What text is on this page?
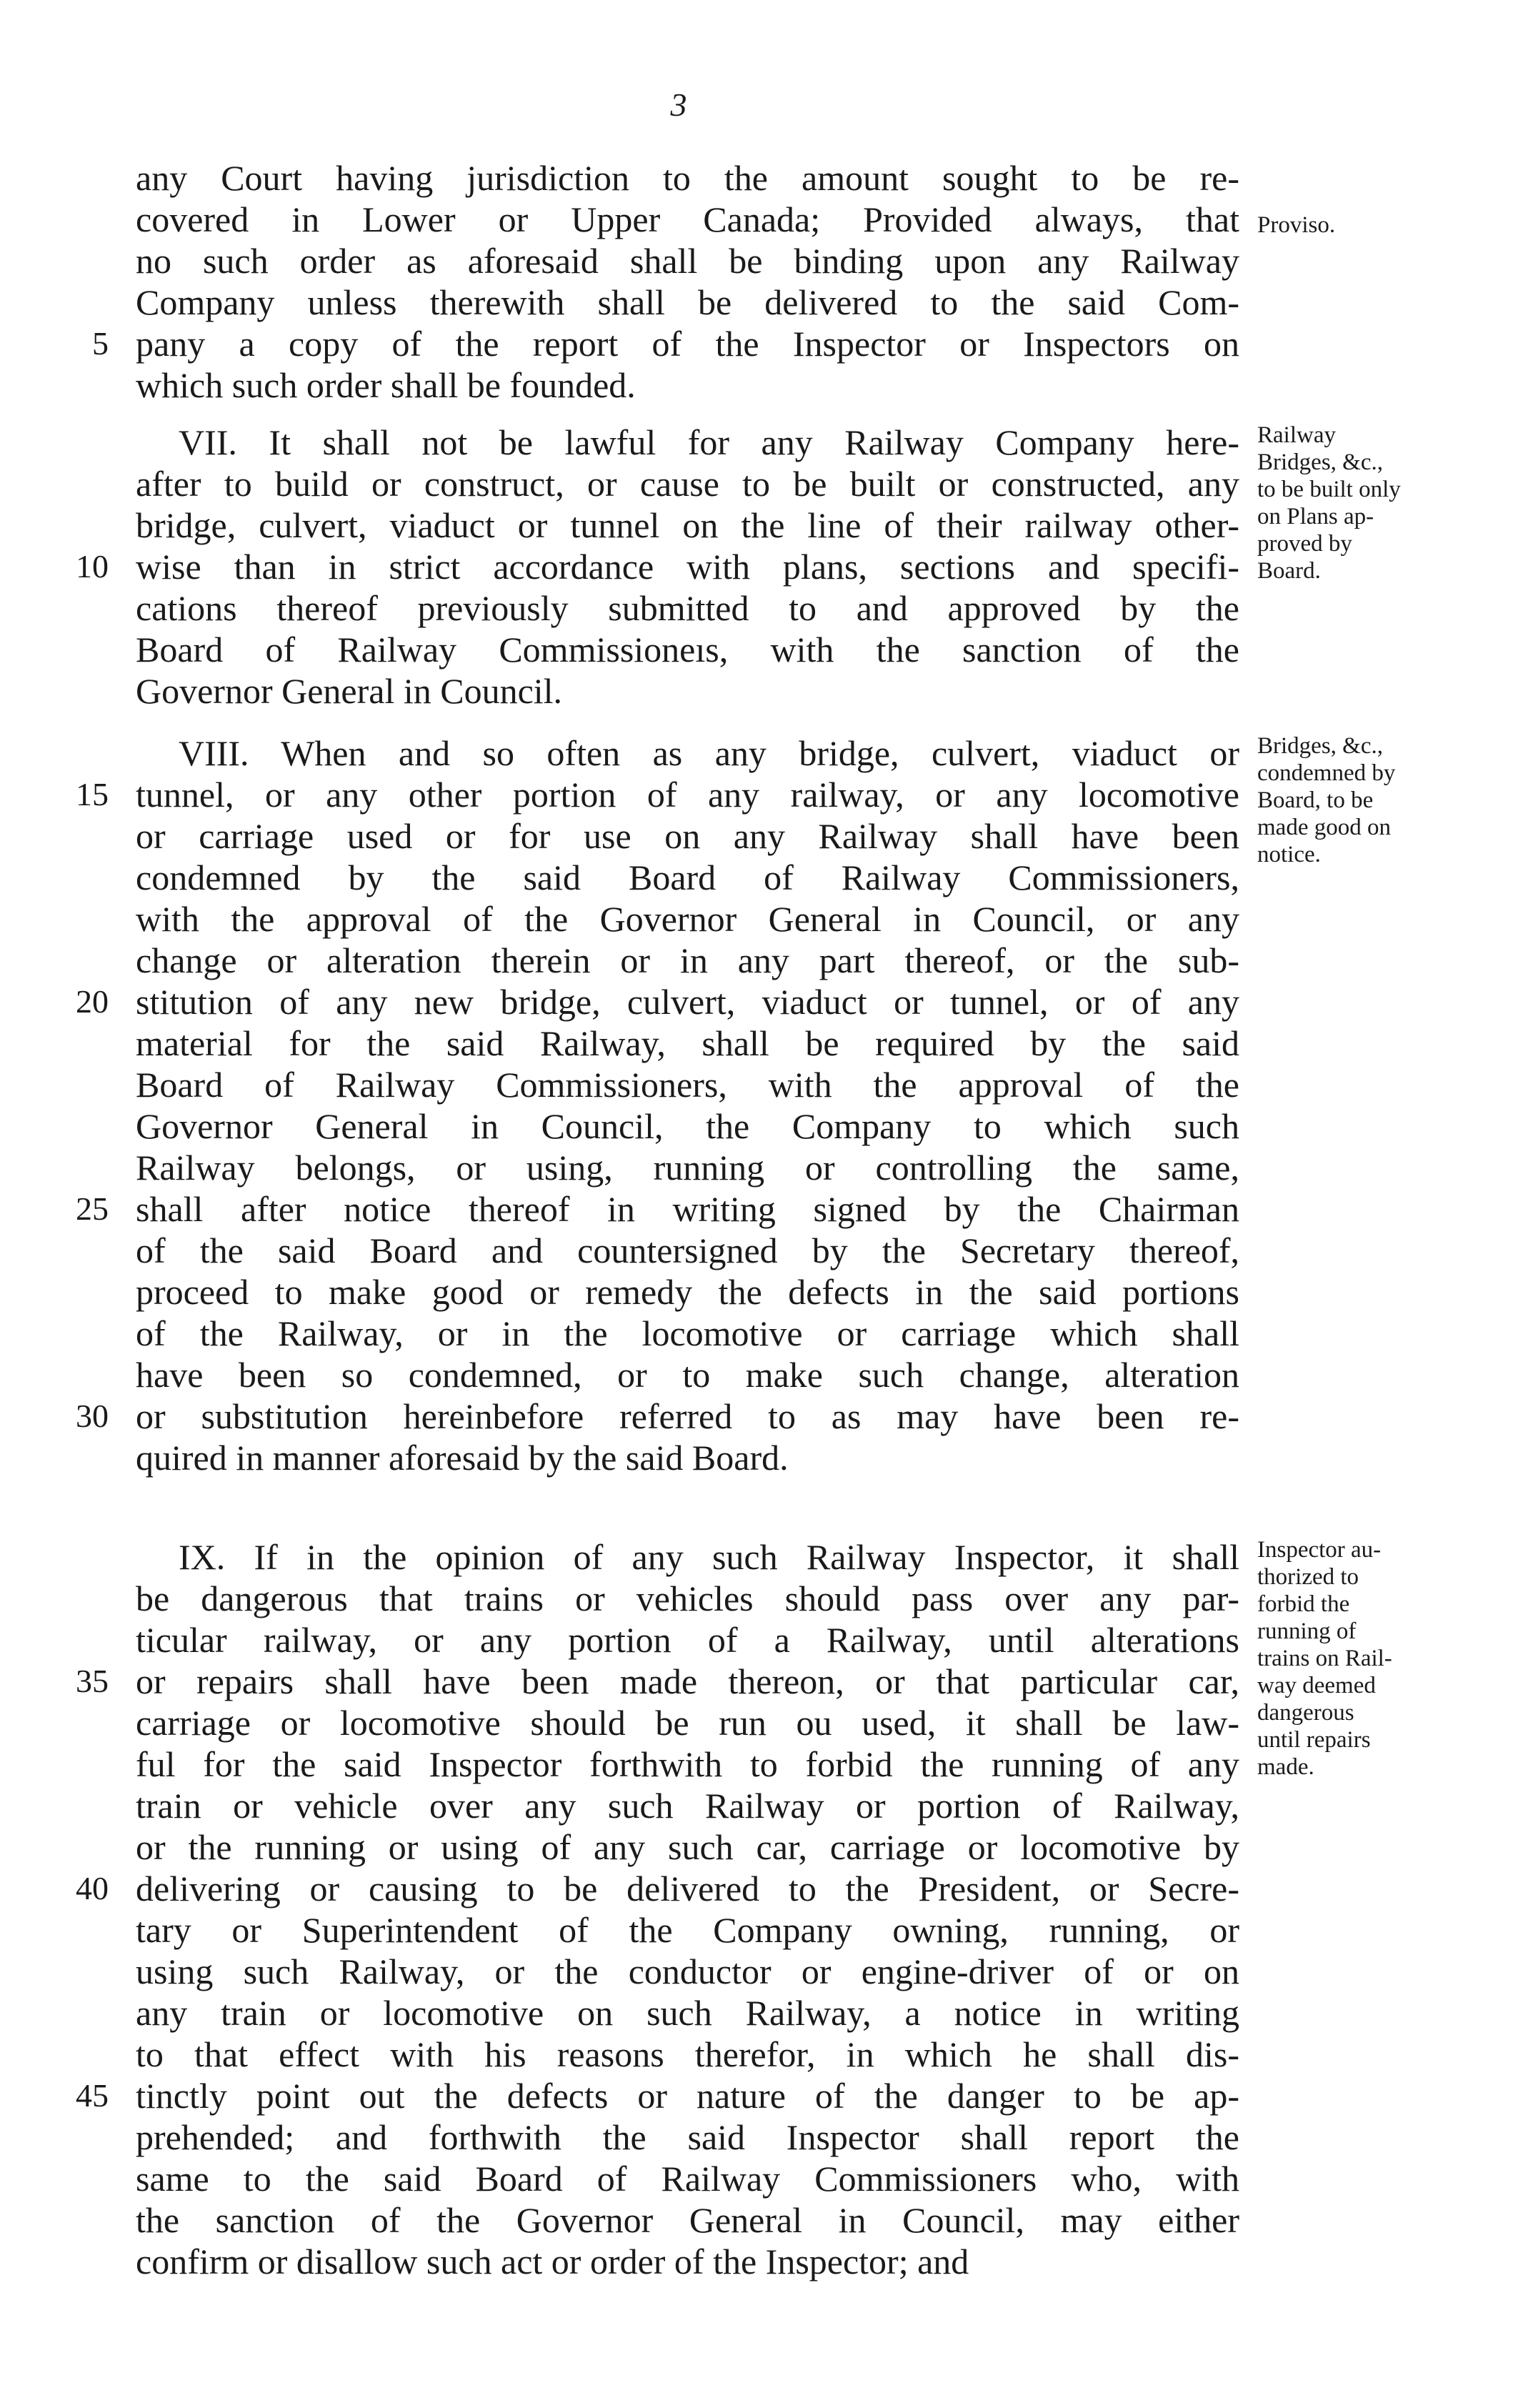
3
any Court having jurisdiction to the amount sought to be re-
covered in Lower or Upper Canada; Provided always, that
no such order as aforesaid shall be binding upon any Railway
Company unless therewith shall be delivered to the said Com-
pany a copy of the report of the Inspector or Inspectors on
5
which such order shall be founded.
Proviso.
VII. It shall not be lawful for any Railway Company here-
after to build or construct, or cause to be built or constructed, any
bridge, culvert, viaduct or tunnel on the line of their railway other-
wise than in strict accordance with plans, sections and specifi-
10
cations thereof previously submitted to and approved by the
Board of Railway Commissioneıs, with the sanction of the
Governor General in Council.
Railway
Bridges, &c.,
to be built only
on Plans ap-
proved by
Board.
VIII. When and so often as any bridge, culvert, viaduct or
tunnel, or any other portion of any railway, or any locomotive
15
or carriage used or for use on any Railway shall have been
condemned by the said Board of Railway Commissioners,
with the approval of the Governor General in Council, or any
change or alteration therein or in any part thereof, or the sub-
stitution of any new bridge, culvert, viaduct or tunnel, or of any
20
material for the said Railway, shall be required by the said
Board of Railway Commissioners, with the approval of the
Governor General in Council, the Company to which such
Railway belongs, or using, running or controlling the same,
shall after notice thereof in writing signed by the Chairman
25
of the said Board and countersigned by the Secretary thereof,
proceed to make good or remedy the defects in the said portions
of the Railway, or in the locomotive or carriage which shall
have been so condemned, or to make such change, alteration
or substitution hereinbefore referred to as may have been re-
30
quired in manner aforesaid by the said Board.
Bridges, &c.,
condemned by
Board, to be
made good on
notice.
IX. If in the opinion of any such Railway Inspector, it shall
be dangerous that trains or vehicles should pass over any par-
ticular railway, or any portion of a Railway, until alterations
or repairs shall have been made thereon, or that particular car,
35
carriage or locomotive should be run ou used, it shall be law-
ful for the said Inspector forthwith to forbid the running of any
train or vehicle over any such Railway or portion of Railway,
or the running or using of any such car, carriage or locomotive by
delivering or causing to be delivered to the President, or Secre-
40
tary or Superintendent of the Company owning, running, or
using such Railway, or the conductor or engine-driver of or on
any train or locomotive on such Railway, a notice in writing
to that effect with his reasons therefor, in which he shall dis-
tinctly point out the defects or nature of the danger to be ap-
45
prehended; and forthwith the said Inspector shall report the
same to the said Board of Railway Commissioners who, with
the sanction of the Governor General in Council, may either
confirm or disallow such act or order of the Inspector; and
Inspector au-
thorized to
forbid the
running of
trains on Rail-
way deemed
dangerous
until repairs
made.
